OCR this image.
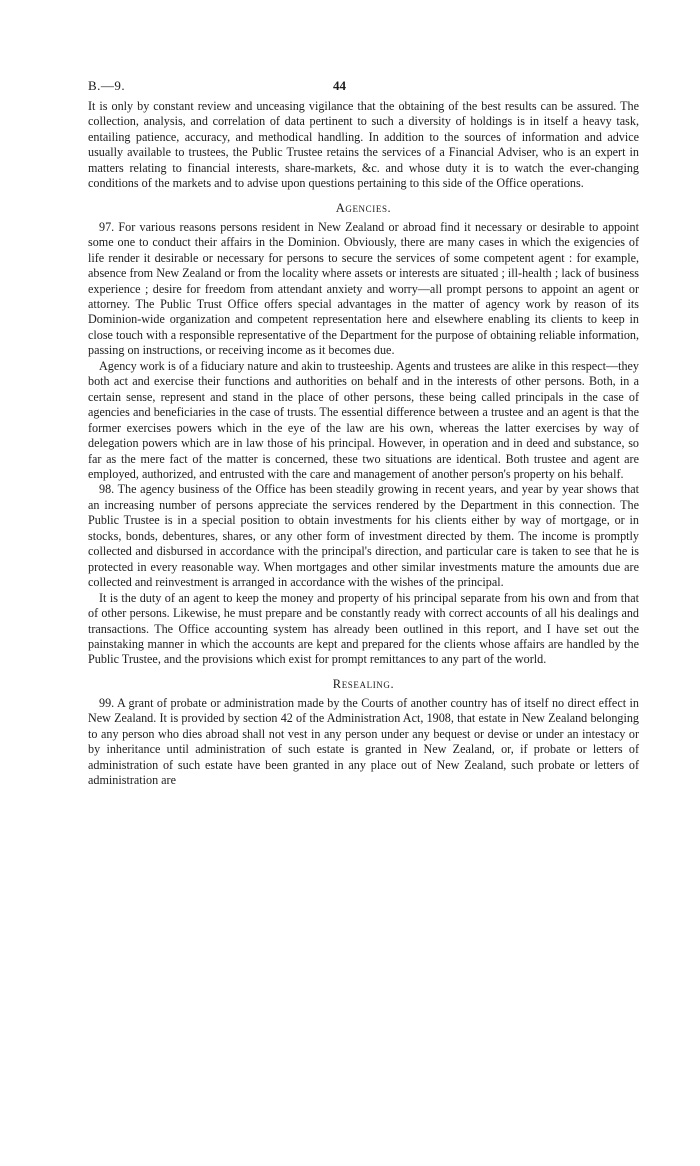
B.—9.	44

It is only by constant review and unceasing vigilance that the obtaining of the best results can be assured. The collection, analysis, and correlation of data pertinent to such a diversity of holdings is in itself a heavy task, entailing patience, accuracy, and methodical handling. In addition to the sources of information and advice usually available to trustees, the Public Trustee retains the services of a Financial Adviser, who is an expert in matters relating to financial interests, share-markets, &c. and whose duty it is to watch the ever-changing conditions of the markets and to advise upon questions pertaining to this side of the Office operations.

Agencies.

97. For various reasons persons resident in New Zealand or abroad find it necessary or desirable to appoint some one to conduct their affairs in the Dominion. Obviously, there are many cases in which the exigencies of life render it desirable or necessary for persons to secure the services of some competent agent : for example, absence from New Zealand or from the locality where assets or interests are situated ; ill-health ; lack of business experience ; desire for freedom from attendant anxiety and worry—all prompt persons to appoint an agent or attorney. The Public Trust Office offers special advantages in the matter of agency work by reason of its Dominion-wide organization and competent representation here and elsewhere enabling its clients to keep in close touch with a responsible representative of the Department for the purpose of obtaining reliable information, passing on instructions, or receiving income as it becomes due.

Agency work is of a fiduciary nature and akin to trusteeship. Agents and trustees are alike in this respect—they both act and exercise their functions and authorities on behalf and in the interests of other persons. Both, in a certain sense, represent and stand in the place of other persons, these being called principals in the case of agencies and beneficiaries in the case of trusts. The essential difference between a trustee and an agent is that the former exercises powers which in the eye of the law are his own, whereas the latter exercises by way of delegation powers which are in law those of his principal. However, in operation and in deed and substance, so far as the mere fact of the matter is concerned, these two situations are identical. Both trustee and agent are employed, authorized, and entrusted with the care and management of another person's property on his behalf.

98. The agency business of the Office has been steadily growing in recent years, and year by year shows that an increasing number of persons appreciate the services rendered by the Department in this connection. The Public Trustee is in a special position to obtain investments for his clients either by way of mortgage, or in stocks, bonds, debentures, shares, or any other form of investment directed by them. The income is promptly collected and disbursed in accordance with the principal's direction, and particular care is taken to see that he is protected in every reasonable way. When mortgages and other similar investments mature the amounts due are collected and reinvestment is arranged in accordance with the wishes of the principal.

It is the duty of an agent to keep the money and property of his principal separate from his own and from that of other persons. Likewise, he must prepare and be constantly ready with correct accounts of all his dealings and transactions. The Office accounting system has already been outlined in this report, and I have set out the painstaking manner in which the accounts are kept and prepared for the clients whose affairs are handled by the Public Trustee, and the provisions which exist for prompt remittances to any part of the world.

Resealing.

99. A grant of probate or administration made by the Courts of another country has of itself no direct effect in New Zealand. It is provided by section 42 of the Administration Act, 1908, that estate in New Zealand belonging to any person who dies abroad shall not vest in any person under any bequest or devise or under an intestacy or by inheritance until administration of such estate is granted in New Zealand, or, if probate or letters of administration of such estate have been granted in any place out of New Zealand, such probate or letters of administration are
